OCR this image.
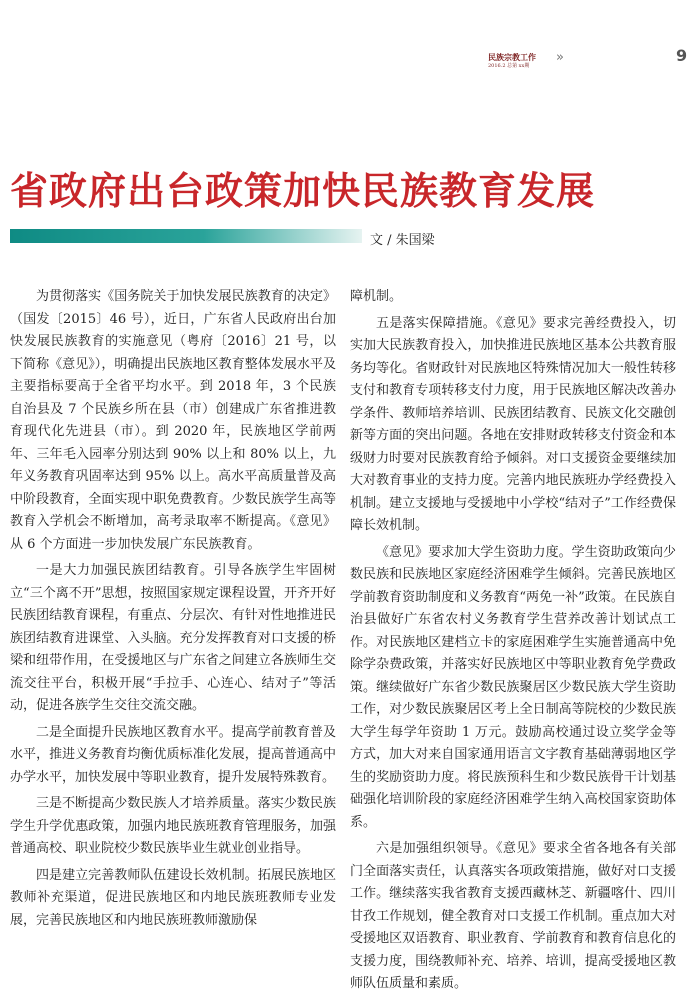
民族宗教工作
2016.2 总第 xx期
»	9
省政府出台政策加快民族教育发展
文 / 朱国梁

为贯彻落实《国务院关于加快发展民族教育的决定》（国发〔2015〕46 号），近日，广东省人民政府出台加快发展民族教育的实施意见（粤府〔2016〕21 号，以下简称《意见》），明确提出民族地区教育整体发展水平及主要指标要高于全省平均水平。到 2018 年，3 个民族自治县及 7 个民族乡所在县（市）创建成广东省推进教育现代化先进县（市）。到 2020 年，民族地区学前两年、三年毛入园率分别达到 90% 以上和 80% 以上，九年义务教育巩固率达到 95% 以上。高水平高质量普及高中阶段教育，全面实现中职免费教育。少数民族学生高等教育入学机会不断增加，高考录取率不断提高。《意见》从 6 个方面进一步加快发展广东民族教育。

一是大力加强民族团结教育。引导各族学生牢固树立“三个离不开”思想，按照国家规定课程设置，开齐开好民族团结教育课程，有重点、分层次、有针对性地推进民族团结教育进课堂、入头脑。充分发挥教育对口支援的桥梁和纽带作用，在受援地区与广东省之间建立各族师生交流交往平台，积极开展“手拉手、心连心、结对子”等活动，促进各族学生交往交流交融。

二是全面提升民族地区教育水平。提高学前教育普及水平，推进义务教育均衡优质标准化发展，提高普通高中办学水平，加快发展中等职业教育，提升发展特殊教育。

三是不断提高少数民族人才培养质量。落实少数民族学生升学优惠政策，加强内地民族班教育管理服务，加强普通高校、职业院校少数民族毕业生就业创业指导。

四是建立完善教师队伍建设长效机制。拓展民族地区教师补充渠道，促进民族地区和内地民族班教师专业发展，完善民族地区和内地民族班教师激励保

障机制。

五是落实保障措施。《意见》要求完善经费投入，切实加大民族教育投入，加快推进民族地区基本公共教育服务均等化。省财政针对民族地区特殊情况加大一般性转移支付和教育专项转移支付力度，用于民族地区解决改善办学条件、教师培养培训、民族团结教育、民族文化交融创新等方面的突出问题。各地在安排财政转移支付资金和本级财力时要对民族教育给予倾斜。对口支援资金要继续加大对教育事业的支持力度。完善内地民族班办学经费投入机制。建立支援地与受援地中小学校“结对子”工作经费保障长效机制。

《意见》要求加大学生资助力度。学生资助政策向少数民族和民族地区家庭经济困难学生倾斜。完善民族地区学前教育资助制度和义务教育“两免一补”政策。在民族自治县做好广东省农村义务教育学生营养改善计划试点工作。对民族地区建档立卡的家庭困难学生实施普通高中免除学杂费政策，并落实好民族地区中等职业教育免学费政策。继续做好广东省少数民族聚居区少数民族大学生资助工作，对少数民族聚居区考上全日制高等院校的少数民族大学生每学年资助 1 万元。鼓励高校通过设立奖学金等方式，加大对来自国家通用语言文字教育基础薄弱地区学生的奖励资助力度。将民族预科生和少数民族骨干计划基础强化培训阶段的家庭经济困难学生纳入高校国家资助体系。

六是加强组织领导。《意见》要求全省各地各有关部门全面落实责任，认真落实各项政策措施，做好对口支援工作。继续落实我省教育支援西藏林芝、新疆喀什、四川甘孜工作规划，健全教育对口支援工作机制。重点加大对受援地区双语教育、职业教育、学前教育和教育信息化的支援力度，围绕教师补充、培养、培训，提高受援地区教师队伍质量和素质。
